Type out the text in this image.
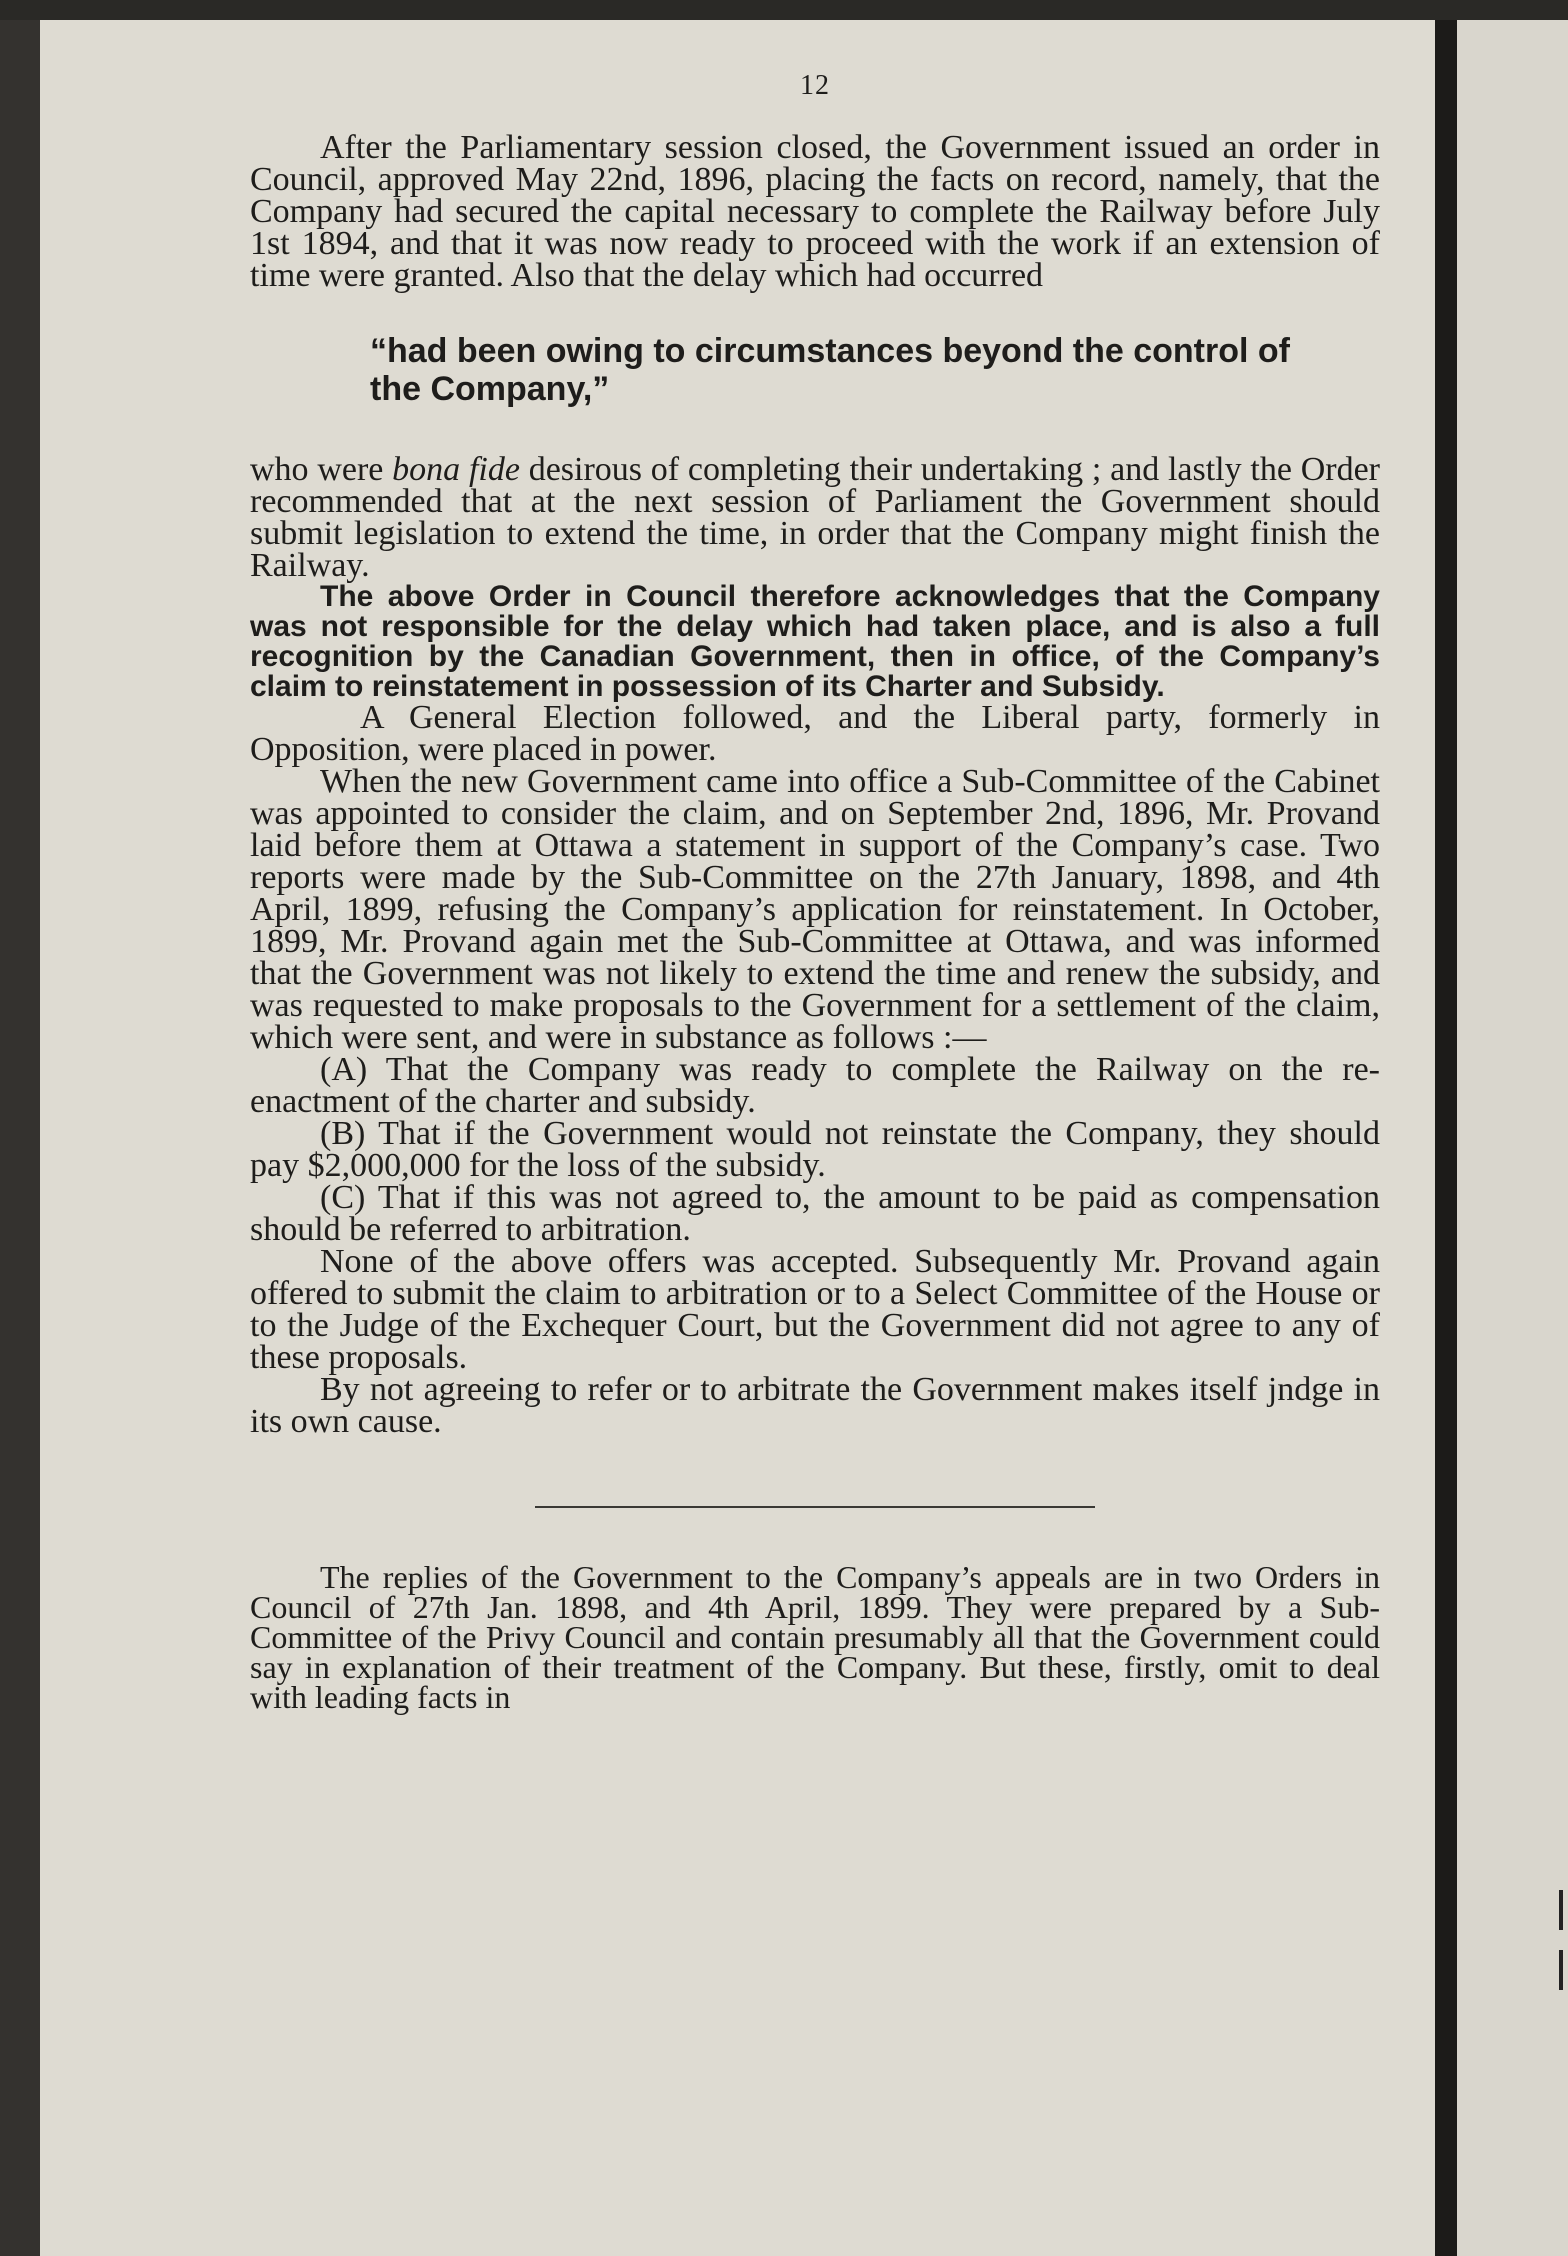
12

After the Parliamentary session closed, the Government issued an order in Council, approved May 22nd, 1896, placing the facts on record, namely, that the Company had secured the capital necessary to complete the Railway before July 1st 1894, and that it was now ready to proceed with the work if an extension of time were granted. Also that the delay which had occurred

“had been owing to circumstances beyond the control of the Company,”

who were bona fide desirous of completing their undertaking ; and lastly the Order recommended that at the next session of Parliament the Government should submit legislation to extend the time, in order that the Company might finish the Railway.

The above Order in Council therefore acknowledges that the Company was not responsible for the delay which had taken place, and is also a full recognition by the Canadian Government, then in office, of the Company’s claim to reinstatement in possession of its Charter and Subsidy.

A General Election followed, and the Liberal party, formerly in Opposition, were placed in power.

When the new Government came into office a Sub-Committee of the Cabinet was appointed to consider the claim, and on September 2nd, 1896, Mr. Provand laid before them at Ottawa a statement in support of the Company’s case. Two reports were made by the Sub-Committee on the 27th January, 1898, and 4th April, 1899, refusing the Company’s application for reinstatement. In October, 1899, Mr. Provand again met the Sub-Committee at Ottawa, and was informed that the Government was not likely to extend the time and renew the subsidy, and was requested to make proposals to the Government for a settlement of the claim, which were sent, and were in substance as follows :—

(A) That the Company was ready to complete the Railway on the re-enactment of the charter and subsidy.

(B) That if the Government would not reinstate the Company, they should pay $2,000,000 for the loss of the subsidy.

(C) That if this was not agreed to, the amount to be paid as compensation should be referred to arbitration.

None of the above offers was accepted. Subsequently Mr. Provand again offered to submit the claim to arbitration or to a Select Committee of the House or to the Judge of the Exchequer Court, but the Government did not agree to any of these proposals.

By not agreeing to refer or to arbitrate the Government makes itself jndge in its own cause.

The replies of the Government to the Company’s appeals are in two Orders in Council of 27th Jan. 1898, and 4th April, 1899. They were prepared by a Sub-Committee of the Privy Council and contain presumably all that the Government could say in explanation of their treatment of the Company. But these, firstly, omit to deal with leading facts in
